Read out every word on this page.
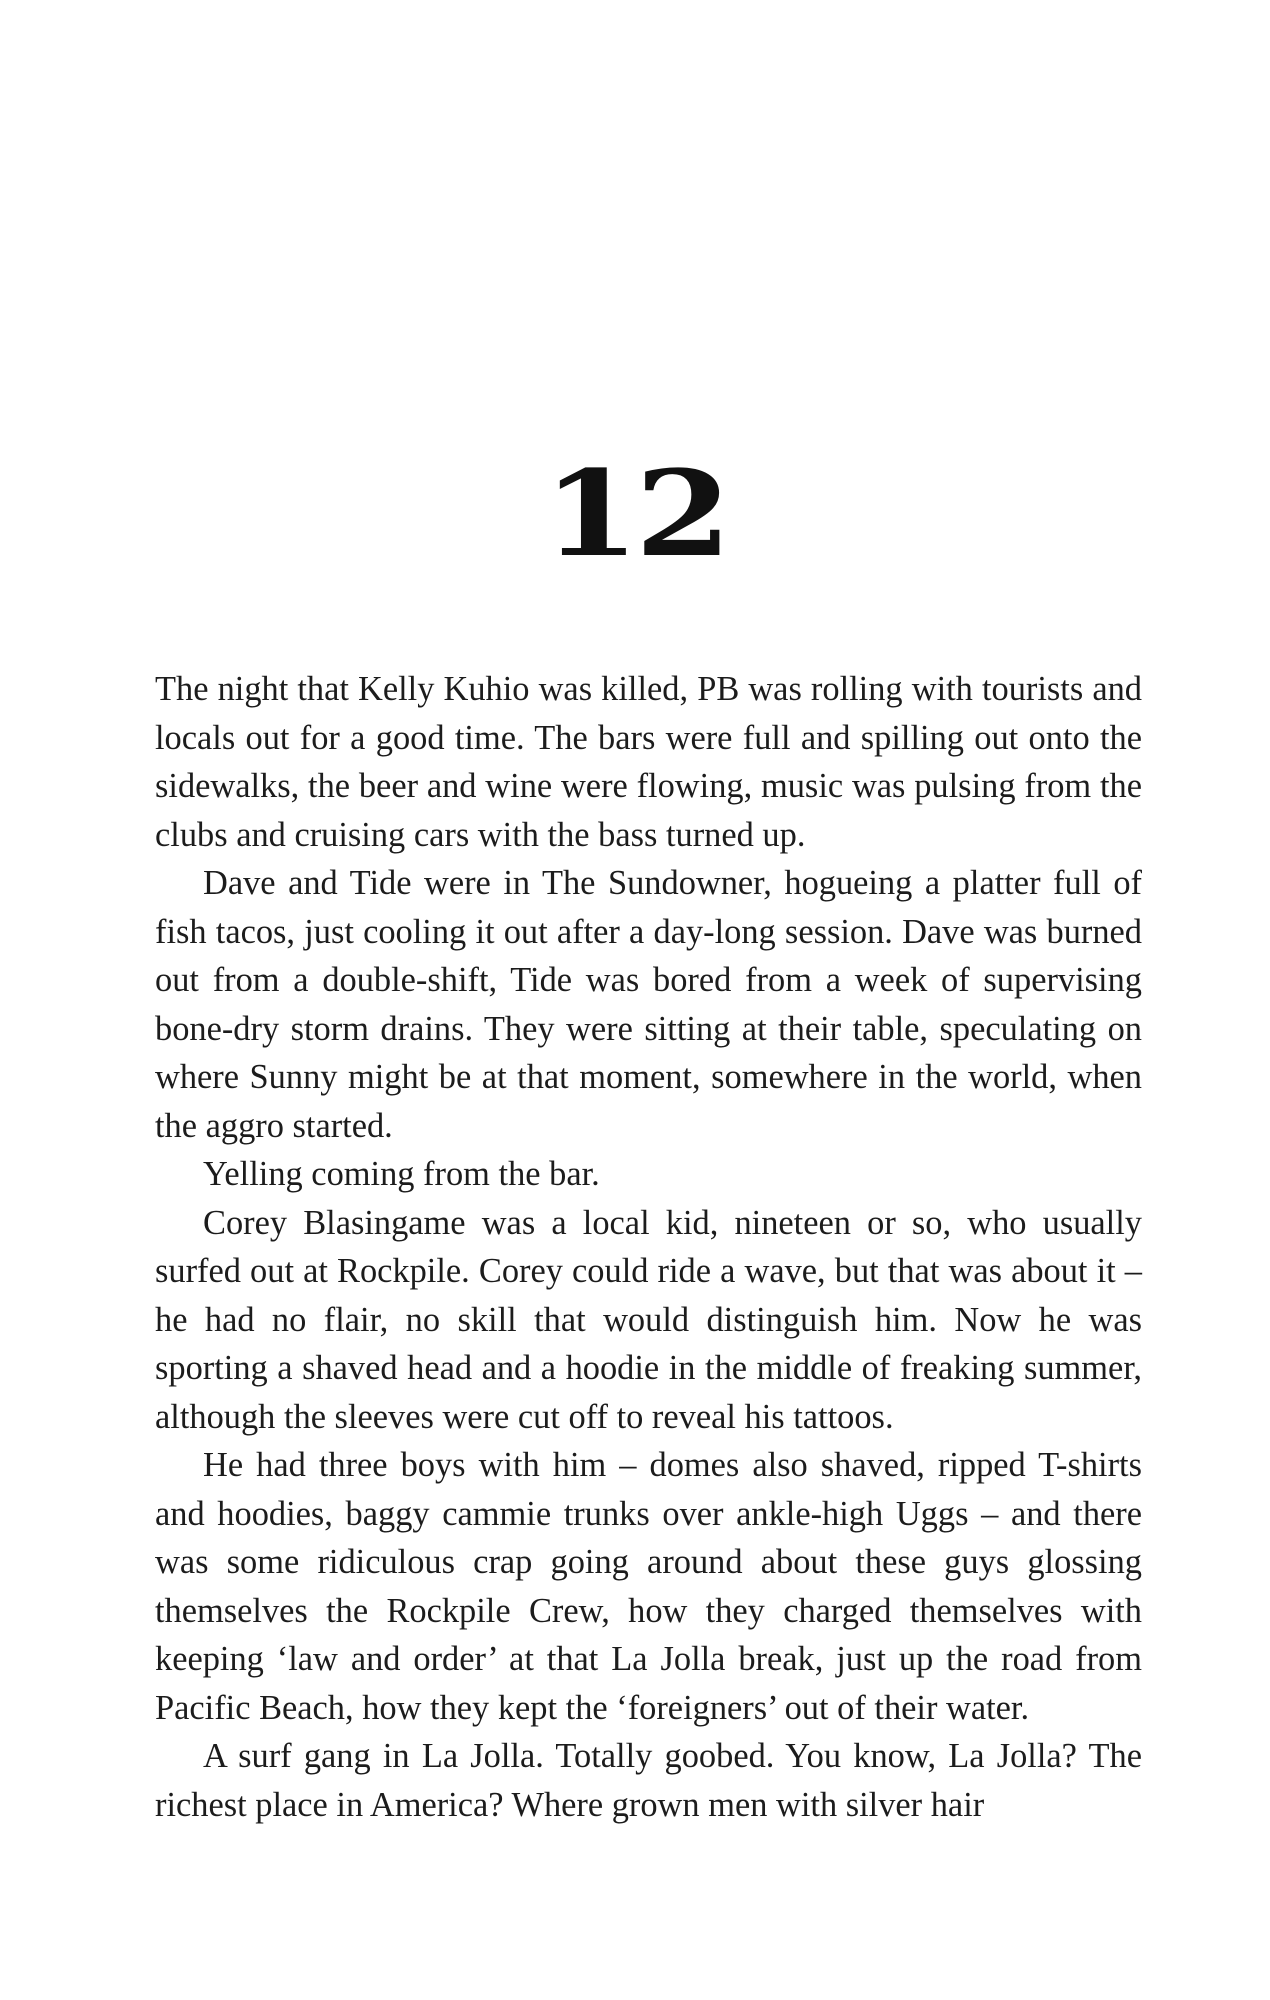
12

The night that Kelly Kuhio was killed, PB was rolling with tourists and locals out for a good time. The bars were full and spilling out onto the sidewalks, the beer and wine were flowing, music was pulsing from the clubs and cruising cars with the bass turned up.

Dave and Tide were in The Sundowner, hogueing a platter full of fish tacos, just cooling it out after a day-long session. Dave was burned out from a double-shift, Tide was bored from a week of supervising bone-dry storm drains. They were sitting at their table, speculating on where Sunny might be at that moment, somewhere in the world, when the aggro started.

Yelling coming from the bar.

Corey Blasingame was a local kid, nineteen or so, who usually surfed out at Rockpile. Corey could ride a wave, but that was about it – he had no flair, no skill that would distinguish him. Now he was sporting a shaved head and a hoodie in the middle of freaking summer, although the sleeves were cut off to reveal his tattoos.

He had three boys with him – domes also shaved, ripped T-shirts and hoodies, baggy cammie trunks over ankle-high Uggs – and there was some ridiculous crap going around about these guys glossing themselves the Rockpile Crew, how they charged themselves with keeping ‘law and order’ at that La Jolla break, just up the road from Pacific Beach, how they kept the ‘foreigners’ out of their water.

A surf gang in La Jolla. Totally goobed. You know, La Jolla? The richest place in America? Where grown men with silver hair
